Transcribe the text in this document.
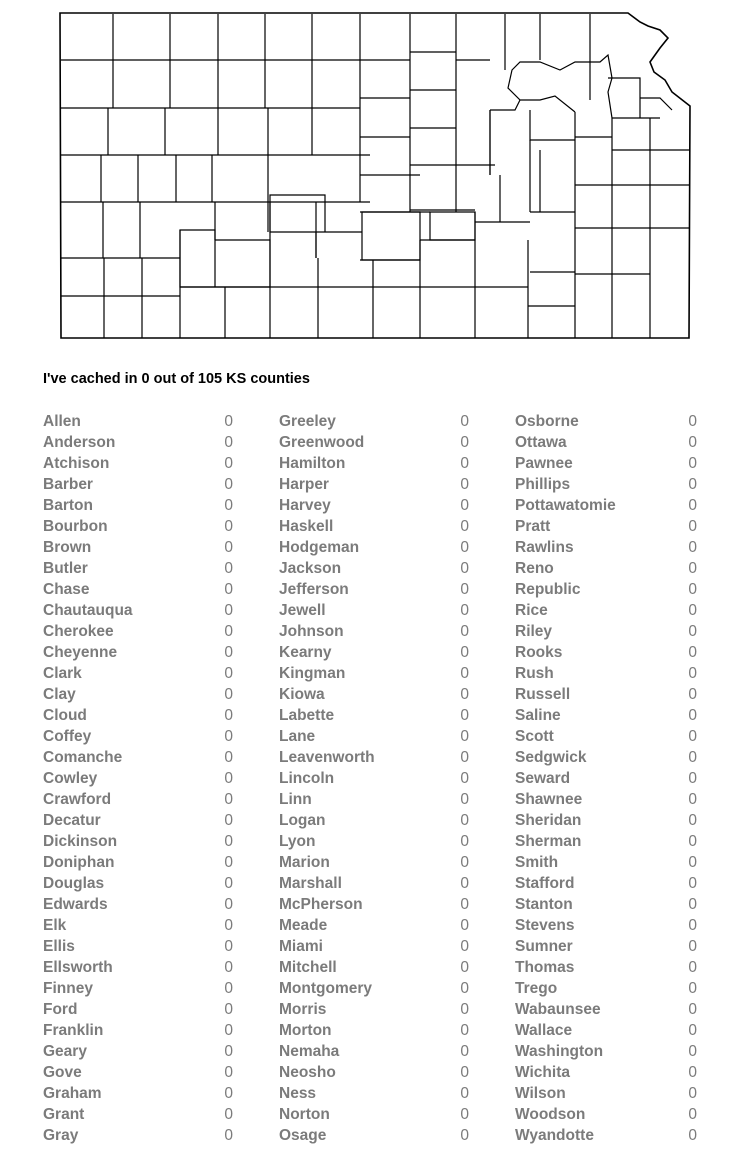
I've cached in 0 out of 105 KS counties
Allen	0
Anderson	0
Atchison	0
Barber	0
Barton	0
Bourbon	0
Brown	0
Butler	0
Chase	0
Chautauqua	0
Cherokee	0
Cheyenne	0
Clark	0
Clay	0
Cloud	0
Coffey	0
Comanche	0
Cowley	0
Crawford	0
Decatur	0
Dickinson	0
Doniphan	0
Douglas	0
Edwards	0
Elk	0
Ellis	0
Ellsworth	0
Finney	0
Ford	0
Franklin	0
Geary	0
Gove	0
Graham	0
Grant	0
Gray	0
Greeley	0
Greenwood	0
Hamilton	0
Harper	0
Harvey	0
Haskell	0
Hodgeman	0
Jackson	0
Jefferson	0
Jewell	0
Johnson	0
Kearny	0
Kingman	0
Kiowa	0
Labette	0
Lane	0
Leavenworth	0
Lincoln	0
Linn	0
Logan	0
Lyon	0
Marion	0
Marshall	0
McPherson	0
Meade	0
Miami	0
Mitchell	0
Montgomery	0
Morris	0
Morton	0
Nemaha	0
Neosho	0
Ness	0
Norton	0
Osage	0
Osborne	0
Ottawa	0
Pawnee	0
Phillips	0
Pottawatomie	0
Pratt	0
Rawlins	0
Reno	0
Republic	0
Rice	0
Riley	0
Rooks	0
Rush	0
Russell	0
Saline	0
Scott	0
Sedgwick	0
Seward	0
Shawnee	0
Sheridan	0
Sherman	0
Smith	0
Stafford	0
Stanton	0
Stevens	0
Sumner	0
Thomas	0
Trego	0
Wabaunsee	0
Wallace	0
Washington	0
Wichita	0
Wilson	0
Woodson	0
Wyandotte	0
